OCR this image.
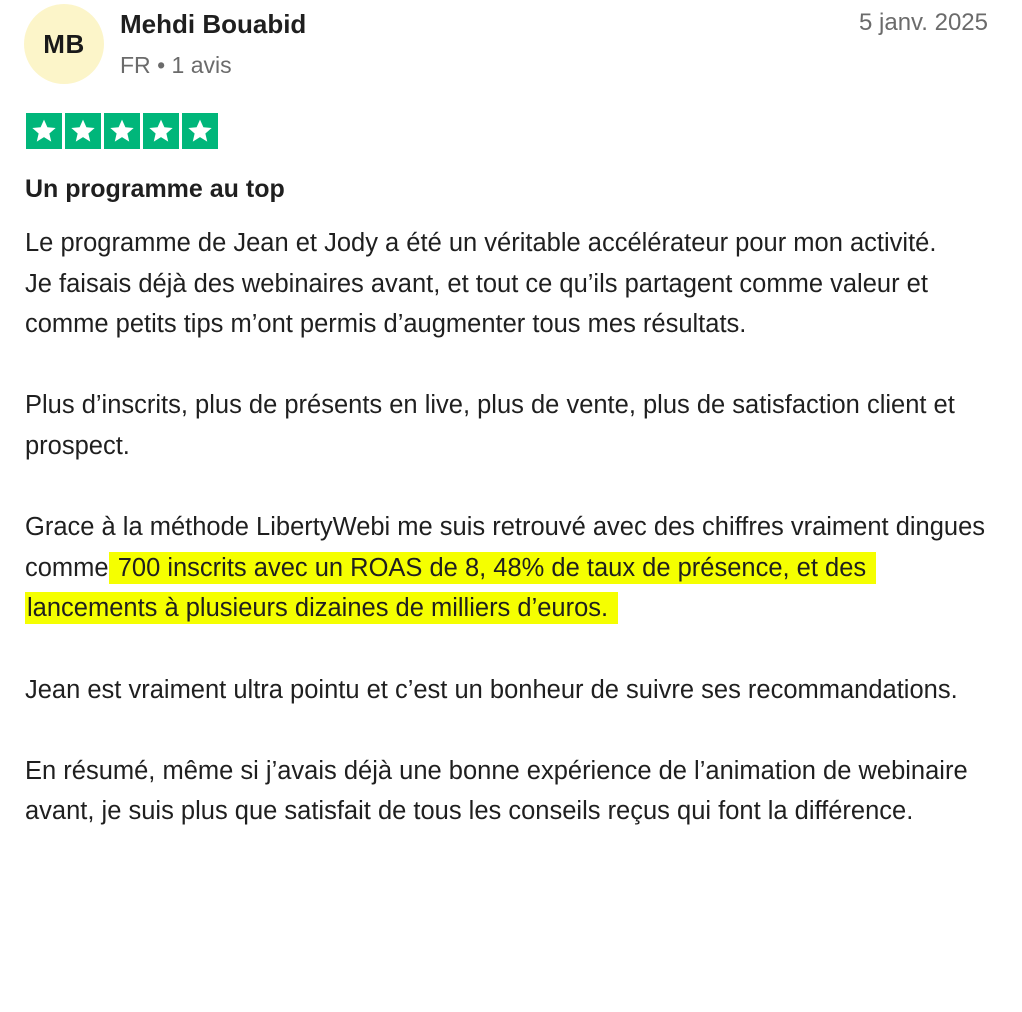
MB
Mehdi Bouabid
FR • 1 avis
5 janv. 2025
Un programme au top

Le programme de Jean et Jody a été un véritable accélérateur pour mon activité.
Je faisais déjà des webinaires avant, et tout ce qu’ils partagent comme valeur et comme petits tips m’ont permis d’augmenter tous mes résultats.

Plus d’inscrits, plus de présents en live, plus de vente, plus de satisfaction client et prospect.

Grace à la méthode LibertyWebi me suis retrouvé avec des chiffres vraiment dingues comme 700 inscrits avec un ROAS de 8, 48% de taux de présence, et des lancements à plusieurs dizaines de milliers d’euros.

Jean est vraiment ultra pointu et c’est un bonheur de suivre ses recommandations.

En résumé, même si j’avais déjà une bonne expérience de l’animation de webinaire avant, je suis plus que satisfait de tous les conseils reçus qui font la différence.
